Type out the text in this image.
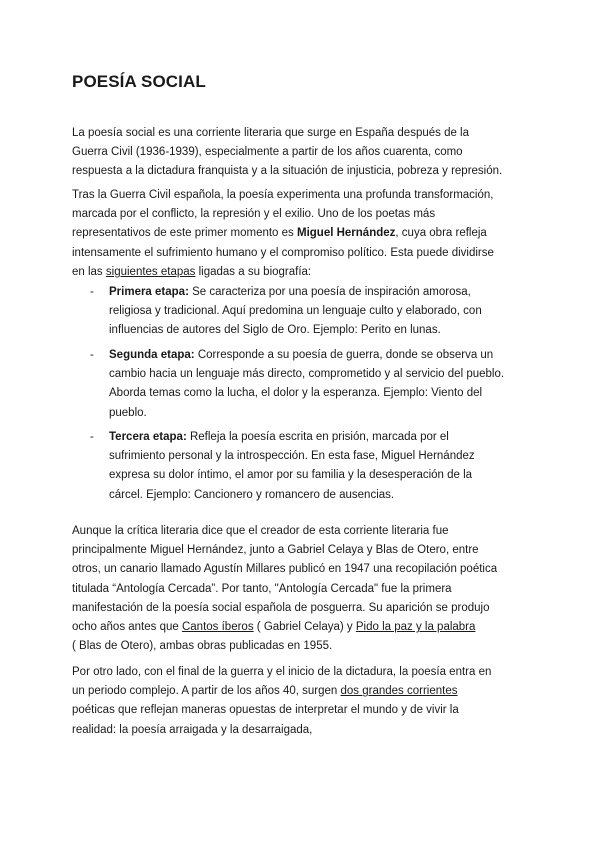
POESÍA SOCIAL

La poesía social es una corriente literaria que surge en España después de la
Guerra Civil (1936-1939), especialmente a partir de los años cuarenta, como
respuesta a la dictadura franquista y a la situación de injusticia, pobreza y represión.

Tras la Guerra Civil española, la poesía experimenta una profunda transformación,
marcada por el conflicto, la represión y el exilio. Uno de los poetas más
representativos de este primer momento es Miguel Hernández, cuya obra refleja
intensamente el sufrimiento humano y el compromiso político. Esta puede dividirse
en las siguientes etapas ligadas a su biografía:

- Primera etapa: Se caracteriza por una poesía de inspiración amorosa,
religiosa y tradicional. Aquí predomina un lenguaje culto y elaborado, con
influencias de autores del Siglo de Oro. Ejemplo: Perito en lunas.
- Segunda etapa: Corresponde a su poesía de guerra, donde se observa un
cambio hacia un lenguaje más directo, comprometido y al servicio del pueblo.
Aborda temas como la lucha, el dolor y la esperanza. Ejemplo: Viento del
pueblo.
- Tercera etapa: Refleja la poesía escrita en prisión, marcada por el
sufrimiento personal y la introspección. En esta fase, Miguel Hernández
expresa su dolor íntimo, el amor por su familia y la desesperación de la
cárcel. Ejemplo: Cancionero y romancero de ausencias.

Aunque la crítica literaria dice que el creador de esta corriente literaria fue
principalmente Miguel Hernández, junto a Gabriel Celaya y Blas de Otero, entre
otros, un canario llamado Agustín Millares publicó en 1947 una recopilación poética
titulada “Antología Cercada”. Por tanto, "Antología Cercada" fue la primera
manifestación de la poesía social española de posguerra. Su aparición se produjo
ocho años antes que Cantos íberos ( Gabriel Celaya) y Pido la paz y la palabra
( Blas de Otero), ambas obras publicadas en 1955.

Por otro lado, con el final de la guerra y el inicio de la dictadura, la poesía entra en
un periodo complejo. A partir de los años 40, surgen dos grandes corrientes
poéticas que reflejan maneras opuestas de interpretar el mundo y de vivir la
realidad: la poesía arraigada y la desarraigada,
